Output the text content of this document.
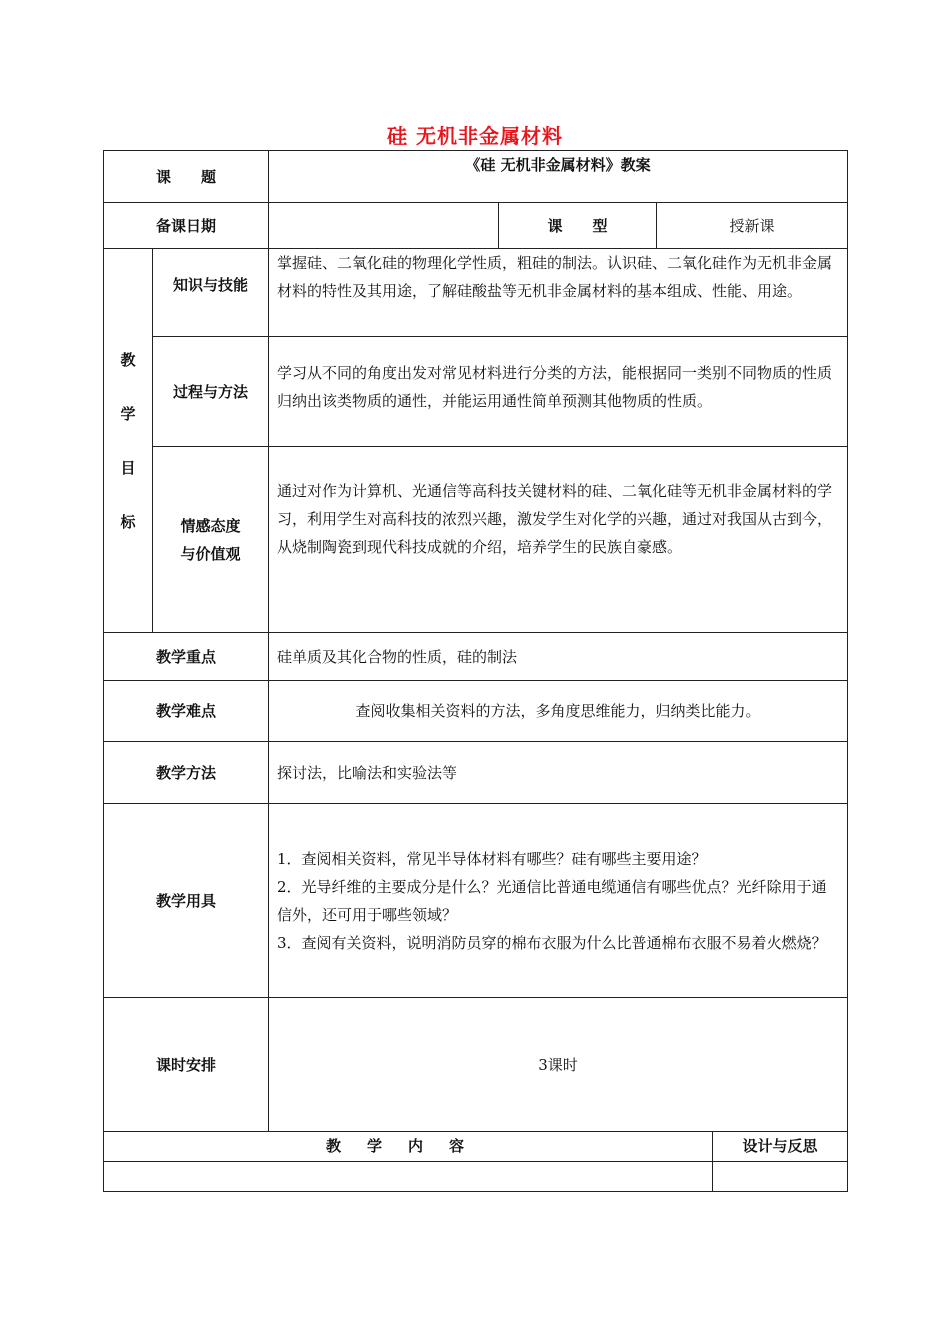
硅 无机非金属材料
课　　题		《硅 无机非金属材料》教案			
备课日期			课　　型	授新课	

教
学
目
标	知识与技能	掌握硅、二氧化硅的物理化学性质，粗硅的制法。认识硅、二氧化硅作为无机非金属材料的特性及其用途，了解硅酸盐等无机非金属材料的基本组成、性能、用途。			
	过程与方法	学习从不同的角度出发对常见材料进行分类的方法，能根据同一类别不同物质的性质归纳出该类物质的通性，并能运用通性简单预测其他物质的性质。			

	情感态度
与价值观	通过对作为计算机、光通信等高科技关键材料的硅、二氧化硅等无机非金属材料的学习，利用学生对高科技的浓烈兴趣，激发学生对化学的兴趣，通过对我国从古到今，从烧制陶瓷到现代科技成就的介绍，培养学生的民族自豪感。			
教学重点		硅单质及其化合物的性质，硅的制法			
教学难点		查阅收集相关资料的方法，多角度思维能力，归纳类比能力。			
教学方法		探讨法，比喻法和实验法等			
教学用具		1．查阅相关资料，常见半导体材料有哪些？硅有哪些主要用途？

2．光导纤维的主要成分是什么？光通信比普通电缆通信有哪些优点？光纤除用于通信外，还可用于哪些领域？

3．查阅有关资料，说明消防员穿的棉布衣服为什么比普通棉布衣服不易着火燃烧？			

课时安排		3课时			
教学内容					设计与反思
